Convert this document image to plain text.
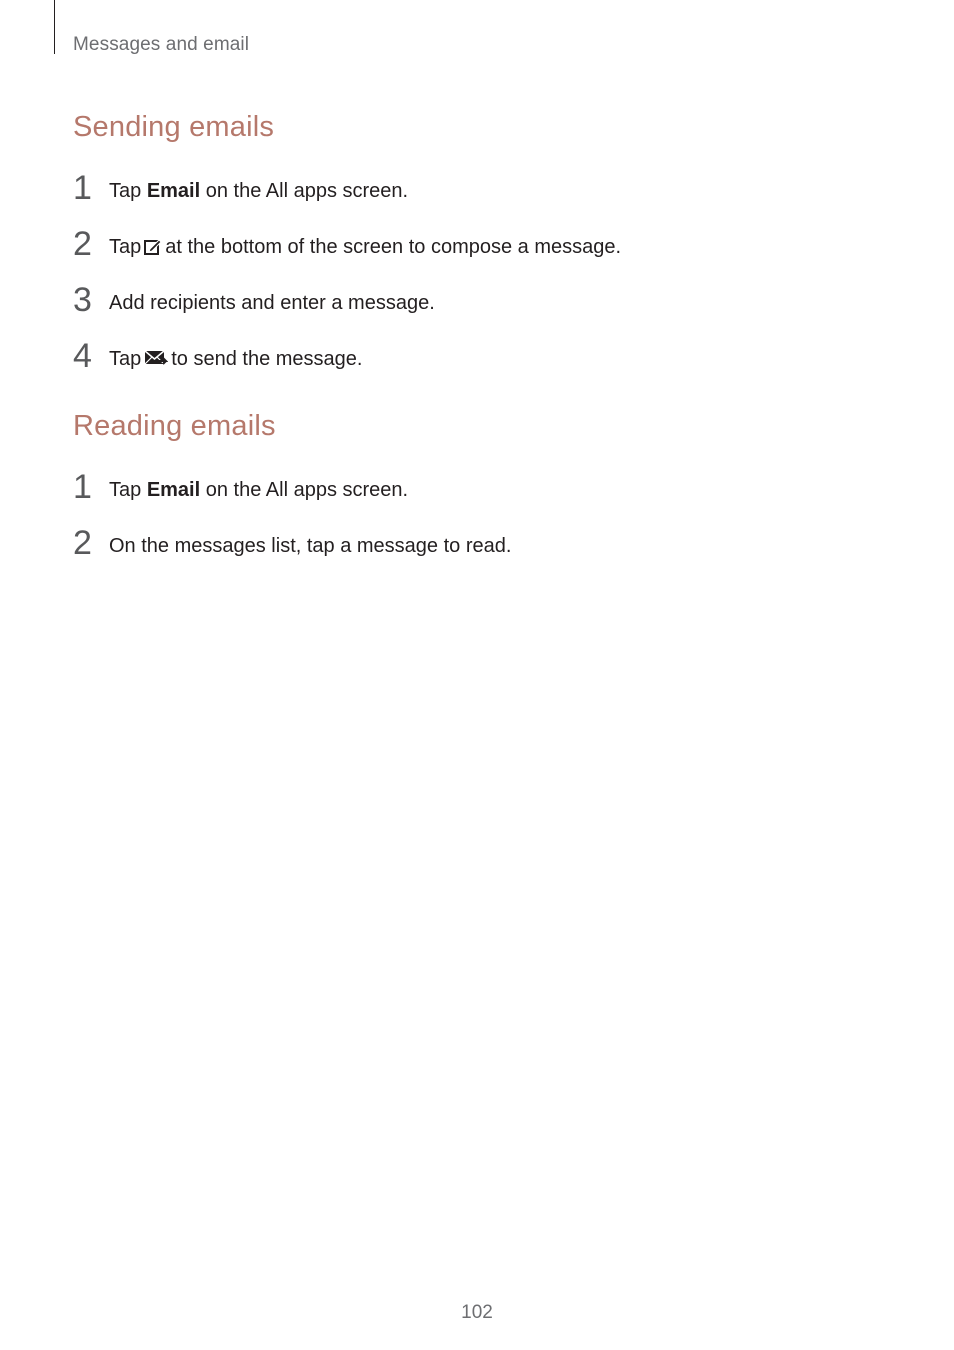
Messages and email
Sending emails
1 Tap Email on the All apps screen.
2 Tap at the bottom of the screen to compose a message.
3 Add recipients and enter a message.
4 Tap to send the message.
Reading emails
1 Tap Email on the All apps screen.
2 On the messages list, tap a message to read.
102
